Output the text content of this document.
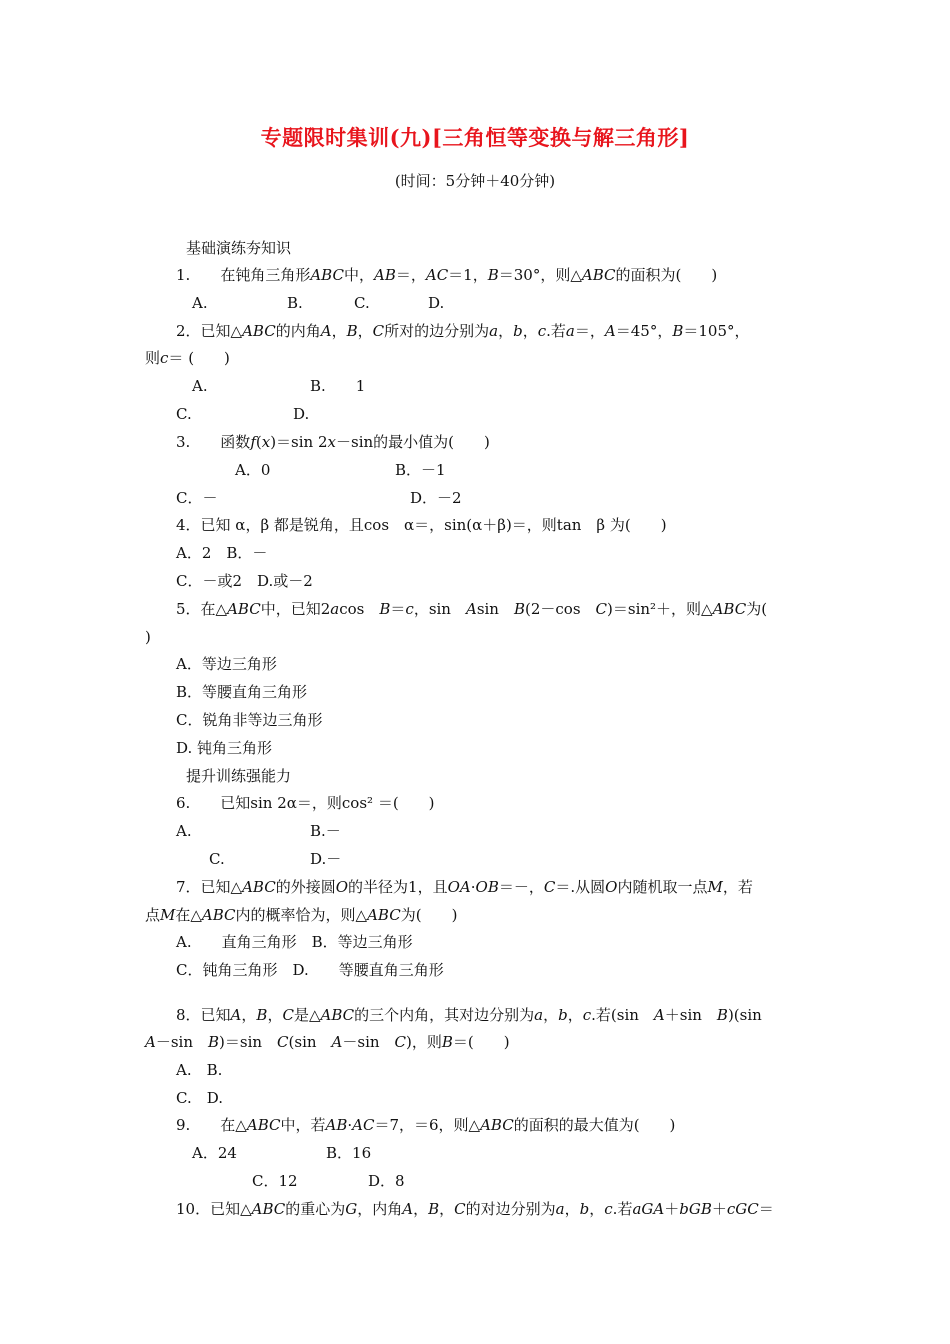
专题限时集训(九)[三角恒等变换与解三角形]
(时间：5分钟＋40分钟)
基础演练夯知识
1.　　 在钝角三角形ABC中，AB＝，AC＝1，B＝30°，则△ABC的面积为(　　)
A.	B.	C.	D.
2．已知△ABC的内角A，B，C所对的边分别为a，b，c.若a＝，A＝45°，B＝105°，
则c＝ (　　)
A.	B.　　1
C.	D.
3.　　函数f(x)＝sin 2x－sin的最小值为(　　)
A．0	B．－1
C．－	D．－2
4．已知 α，β 都是锐角，且cos　α＝，sin(α＋β)＝，则tan　β 为(　　)
A．2　B．－
C．－或2　D.或－2
5．在△ABC中，已知2acos　B＝c，sin　Asin　B(2－cos　C)＝sin²＋，则△ABC为(
)
A．等边三角形
B．等腰直角三角形
C．锐角非等边三角形
D. 钝角三角形
提升训练强能力
6.　　已知sin 2α＝，则cos² ＝(　　)
A.	B.－
C.	D.－
7．已知△ABC的外接圆O的半径为1，且OA·OB＝－，C＝.从圆O内随机取一点M，若
点M在△ABC内的概率恰为，则△ABC为(　　)
A.　　直角三角形　B．等边三角形
C．钝角三角形　D.　　等腰直角三角形
8．已知A，B，C是△ABC的三个内角，其对边分别为a，b，c.若(sin　A＋sin　B)(sin
A－sin　B)＝sin　C(sin　A－sin　C)，则B＝(　　)
A.　B.
C.　D.
9.　　在△ABC中，若AB·AC＝7，＝6，则△ABC的面积的最大值为(　　)
A．24	B．16
C．12	D．8
10．已知△ABC的重心为G，内角A，B，C的对边分别为a，b，c.若aGA＋bGB＋cGC＝
